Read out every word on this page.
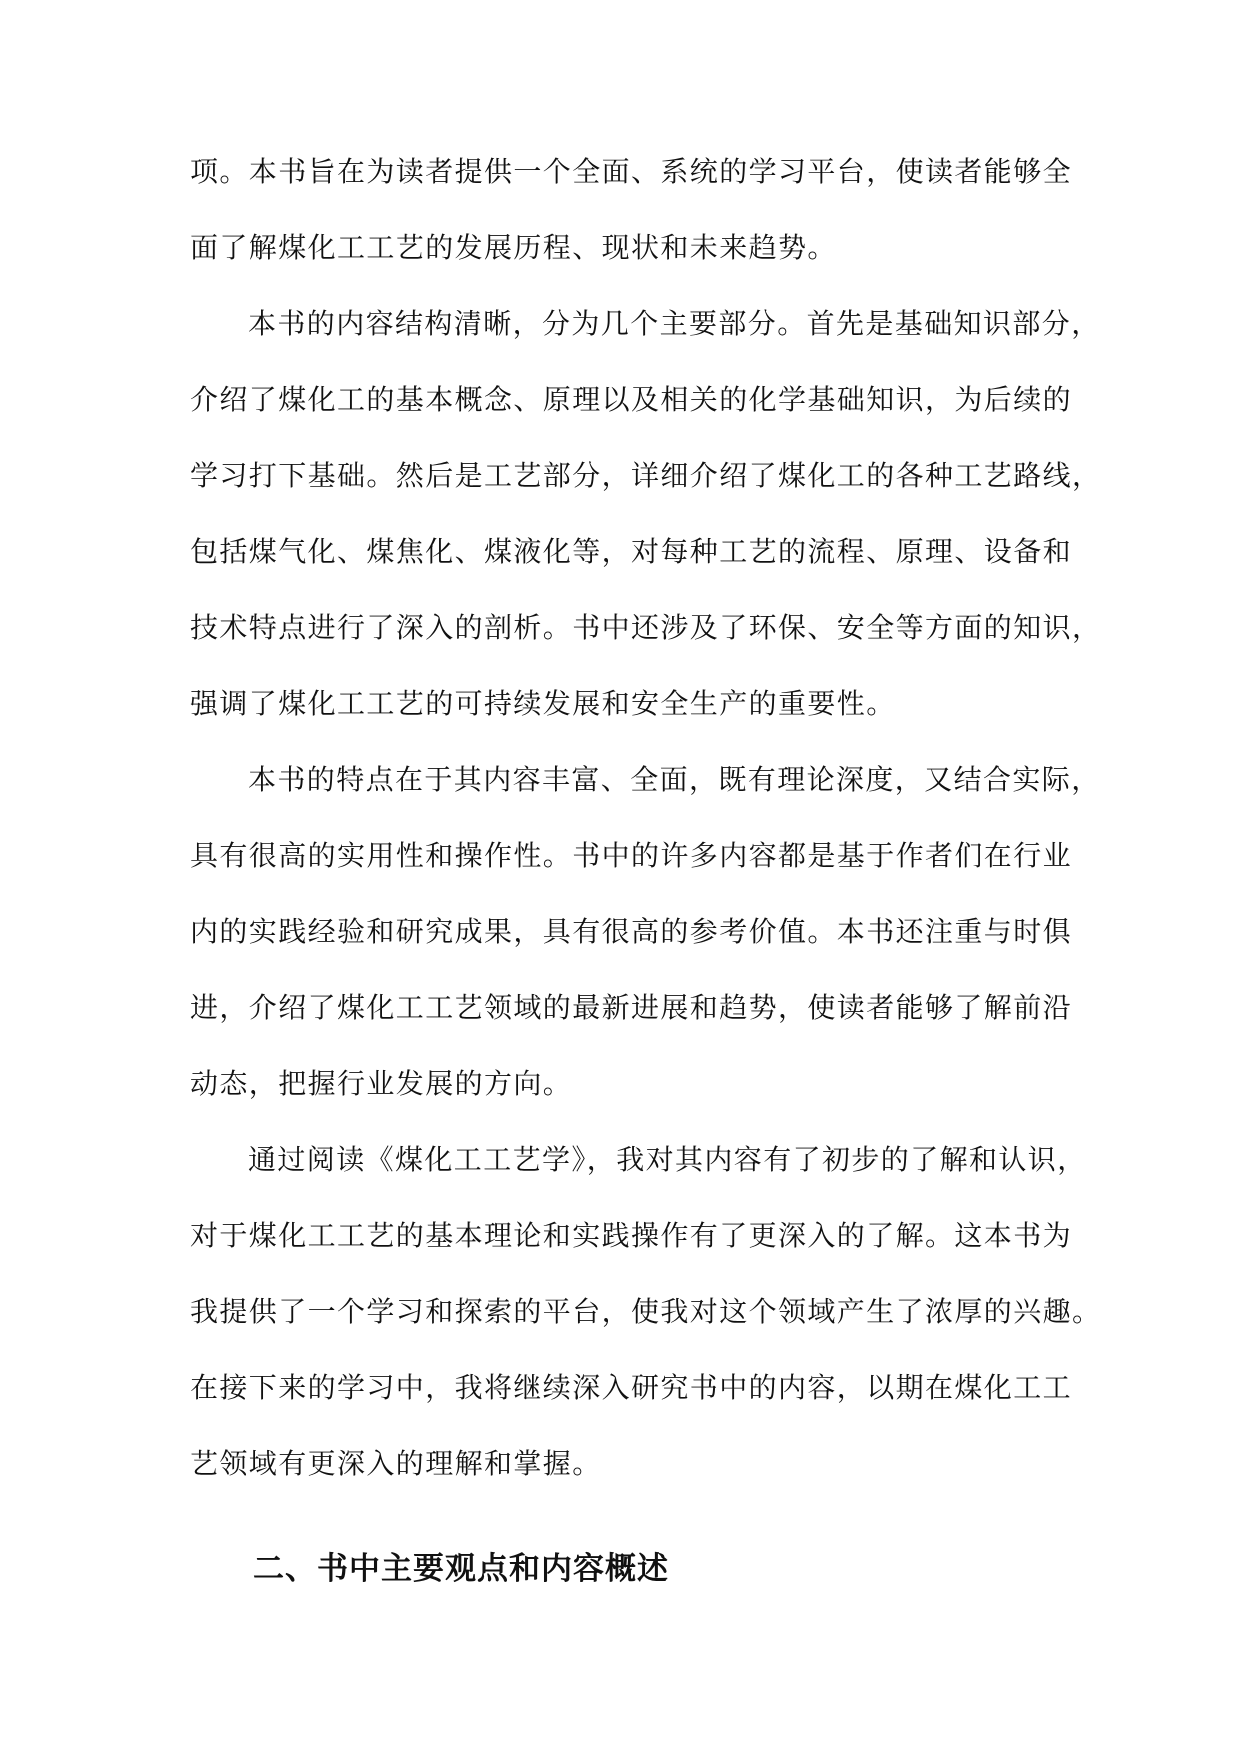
项。本书旨在为读者提供一个全面、系统的学习平台，使读者能够全
面了解煤化工工艺的发展历程、现状和未来趋势。
本书的内容结构清晰，分为几个主要部分。首先是基础知识部分，
介绍了煤化工的基本概念、原理以及相关的化学基础知识，为后续的
学习打下基础。然后是工艺部分，详细介绍了煤化工的各种工艺路线，
包括煤气化、煤焦化、煤液化等，对每种工艺的流程、原理、设备和
技术特点进行了深入的剖析。书中还涉及了环保、安全等方面的知识，
强调了煤化工工艺的可持续发展和安全生产的重要性。
本书的特点在于其内容丰富、全面，既有理论深度，又结合实际，
具有很高的实用性和操作性。书中的许多内容都是基于作者们在行业
内的实践经验和研究成果，具有很高的参考价值。本书还注重与时俱
进，介绍了煤化工工艺领域的最新进展和趋势，使读者能够了解前沿
动态，把握行业发展的方向。
通过阅读《煤化工工艺学》，我对其内容有了初步的了解和认识，
对于煤化工工艺的基本理论和实践操作有了更深入的了解。这本书为
我提供了一个学习和探索的平台，使我对这个领域产生了浓厚的兴趣。
在接下来的学习中，我将继续深入研究书中的内容，以期在煤化工工
艺领域有更深入的理解和掌握。
二、书中主要观点和内容概述
